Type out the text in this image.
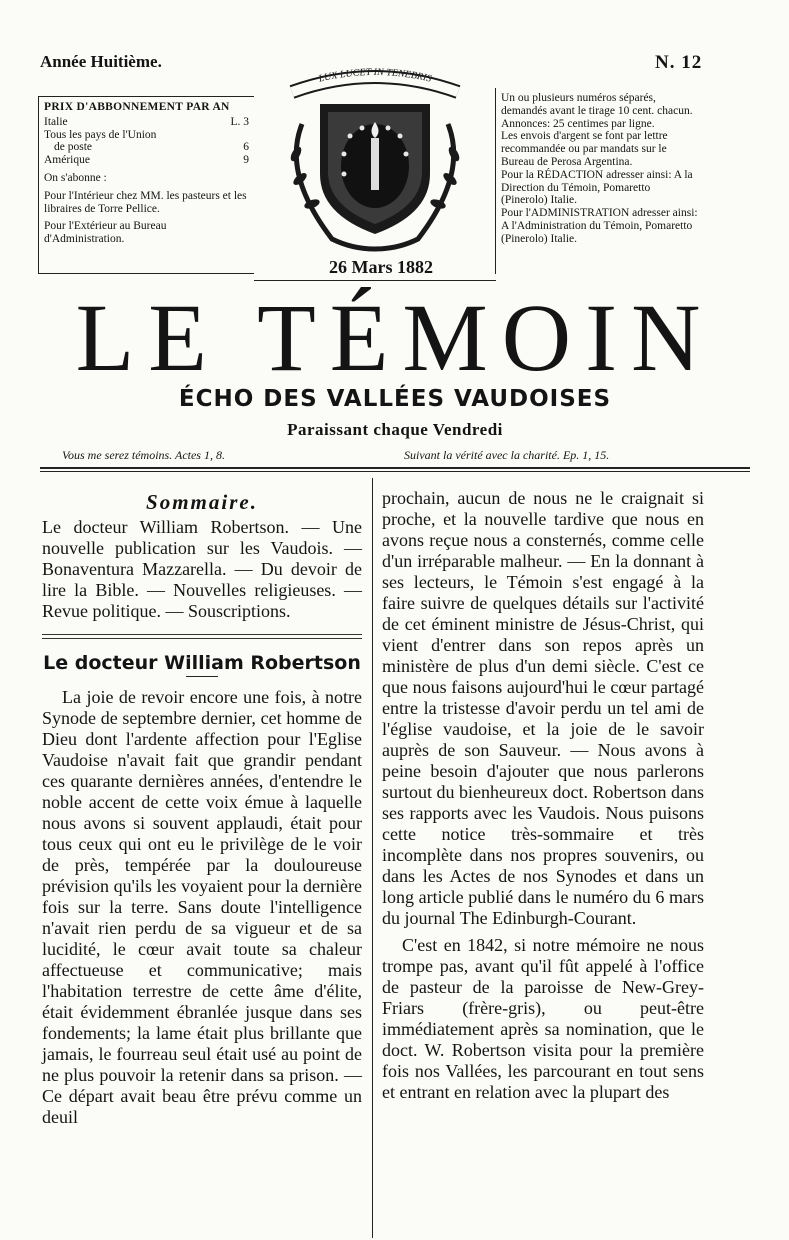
Année Huitième.	N. 12
PRIX D'ABBONNEMENT PAR AN
Italie	L. 3
Tous les pays de l'Union
de poste	6
Amérique	9
On s'abonne :
Pour l'Intérieur chez MM. les pasteurs et les libraires de Torre Pellice.
Pour l'Extérieur au Bureau d'Administration.
LUX LUCET IN TENEBRIS
26 Mars 1882
Un ou plusieurs numéros séparés, demandés avant le tirage 10 cent. chacun.
Annonces: 25 centimes par ligne.
Les envois d'argent se font par lettre recommandée ou par mandats sur le Bureau de Perosa Argentina.
Pour la RÉDACTION adresser ainsi: A la Direction du Témoin, Pomaretto (Pinerolo) Italie.
Pour l'ADMINISTRATION adresser ainsi: A l'Administration du Témoin, Pomaretto (Pinerolo) Italie.
LE TÉMOIN
ÉCHO DES VALLÉES VAUDOISES
Paraissant chaque Vendredi
Vous me serez témoins. Actes 1, 8.	Suivant la vérité avec la charité. Ep. 1, 15.
Sommaire.

Le docteur William Robertson. — Une nouvelle publication sur les Vaudois. — Bonaventura Mazzarella. — Du devoir de lire la Bible. — Nouvelles religieuses. — Revue politique. — Souscriptions.

Le docteur William Robertson

La joie de revoir encore une fois, à notre Synode de septembre dernier, cet homme de Dieu dont l'ardente affection pour l'Eglise Vaudoise n'avait fait que grandir pendant ces quarante dernières années, d'entendre le noble accent de cette voix émue à laquelle nous avons si souvent applaudi, était pour tous ceux qui ont eu le privilège de le voir de près, tempérée par la douloureuse prévision qu'ils les voyaient pour la dernière fois sur la terre. Sans doute l'intelligence n'avait rien perdu de sa vigueur et de sa lucidité, le cœur avait toute sa chaleur affectueuse et communicative; mais l'habitation terrestre de cette âme d'élite, était évidemment ébranlée jusque dans ses fondements; la lame était plus brillante que jamais, le fourreau seul était usé au point de ne plus pouvoir la retenir dans sa prison. — Ce départ avait beau être prévu comme un deuil

prochain, aucun de nous ne le craignait si proche, et la nouvelle tardive que nous en avons reçue nous a consternés, comme celle d'un irréparable malheur. — En la donnant à ses lecteurs, le Témoin s'est engagé à la faire suivre de quelques détails sur l'activité de cet éminent ministre de Jésus-Christ, qui vient d'entrer dans son repos après un ministère de plus d'un demi siècle. C'est ce que nous faisons aujourd'hui le cœur partagé entre la tristesse d'avoir perdu un tel ami de l'église vaudoise, et la joie de le savoir auprès de son Sauveur. — Nous avons à peine besoin d'ajouter que nous parlerons surtout du bienheureux doct. Robertson dans ses rapports avec les Vaudois. Nous puisons cette notice très-sommaire et très incomplète dans nos propres souvenirs, ou dans les Actes de nos Synodes et dans un long article publié dans le numéro du 6 mars du journal The Edinburgh-Courant.

C'est en 1842, si notre mémoire ne nous trompe pas, avant qu'il fût appelé à l'office de pasteur de la paroisse de New-Grey-Friars (frère-gris), ou peut-être immédiatement après sa nomination, que le doct. W. Robertson visita pour la première fois nos Vallées, les parcourant en tout sens et entrant en relation avec la plupart des
